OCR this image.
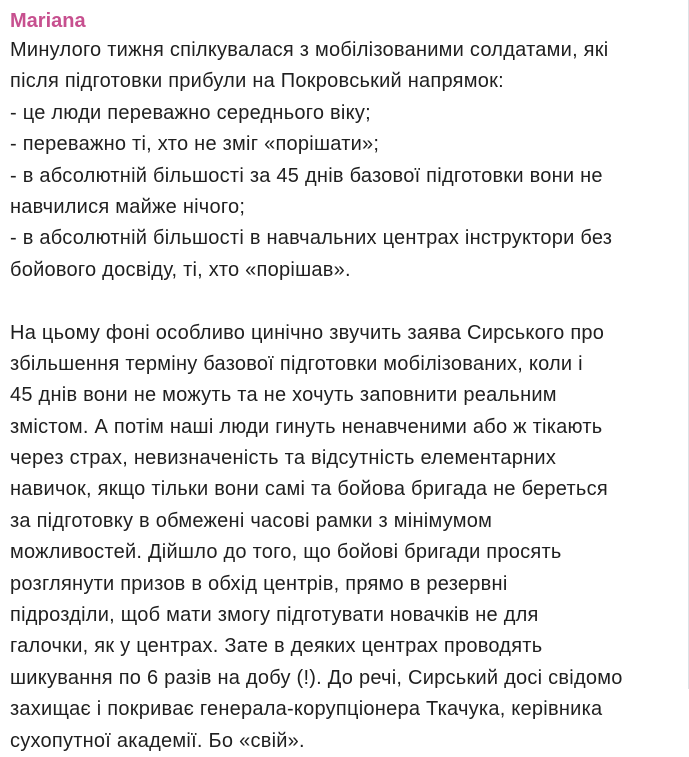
Mariana
Минулого тижня спілкувалася з мобілізованими солдатами, які
після підготовки прибули на Покровський напрямок:
- це люди переважно середнього віку;
- переважно ті, хто не зміг «порішати»;
- в абсолютній більшості за 45 днів базової підготовки вони не
навчилися майже нічого;
- в абсолютній більшості в навчальних центрах інструктори без
бойового досвіду, ті, хто «порішав».
На цьому фоні особливо цинічно звучить заява Сирського про
збільшення терміну базової підготовки мобілізованих, коли і
45 днів вони не можуть та не хочуть заповнити реальним
змістом. А потім наші люди гинуть ненавченими або ж тікають
через страх, невизначеність та відсутність елементарних
навичок, якщо тільки вони самі та бойова бригада не береться
за підготовку в обмежені часові рамки з мінімумом
можливостей. Дійшло до того, що бойові бригади просять
розглянути призов в обхід центрів, прямо в резервні
підрозділи, щоб мати змогу підготувати новачків не для
галочки, як у центрах. Зате в деяких центрах проводять
шикування по 6 разів на добу (!). До речі, Сирський досі свідомо
захищає і покриває генерала-корупціонера Ткачука, керівника
сухопутної академії. Бо «свій».
